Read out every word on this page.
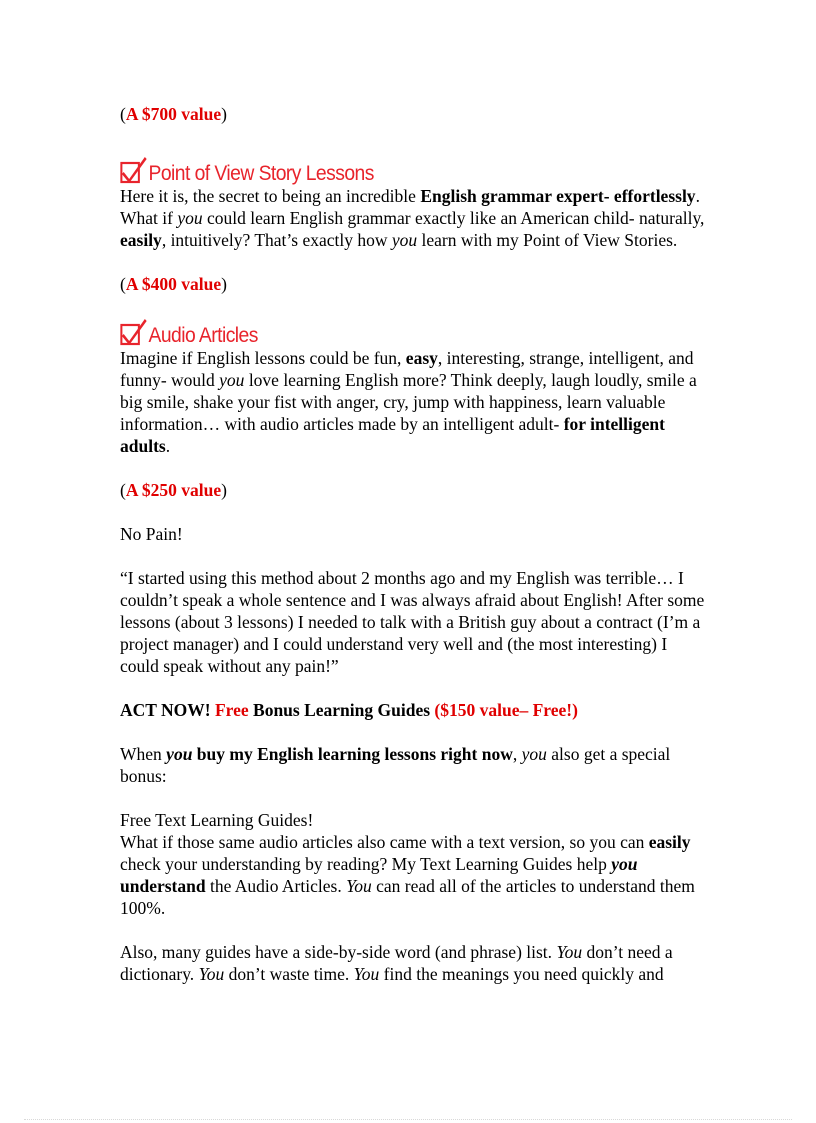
(A $700 value)

Point of View Story Lessons

Here it is, the secret to being an incredible English grammar expert- effortlessly. What if you could learn English grammar exactly like an American child- naturally, easily, intuitively? That’s exactly how you learn with my Point of View Stories.

(A $400 value)

Audio Articles

Imagine if English lessons could be fun, easy, interesting, strange, intelligent, and funny- would you love learning English more? Think deeply, laugh loudly, smile a big smile, shake your fist with anger, cry, jump with happiness, learn valuable information… with audio articles made by an intelligent adult- for intelligent adults.

(A $250 value)

No Pain!

“I started using this method about 2 months ago and my English was terrible… I couldn’t speak a whole sentence and I was always afraid about English! After some lessons (about 3 lessons) I needed to talk with a British guy about a contract (I’m a project manager) and I could understand very well and (the most interesting) I could speak without any pain!”

ACT NOW! Free Bonus Learning Guides ($150 value– Free!)

When you buy my English learning lessons right now, you also get a special bonus:

Free Text Learning Guides!

What if those same audio articles also came with a text version, so you can easily check your understanding by reading? My Text Learning Guides help you understand the Audio Articles. You can read all of the articles to understand them 100%.

Also, many guides have a side-by-side word (and phrase) list. You don’t need a dictionary. You don’t waste time. You find the meanings you need quickly and
